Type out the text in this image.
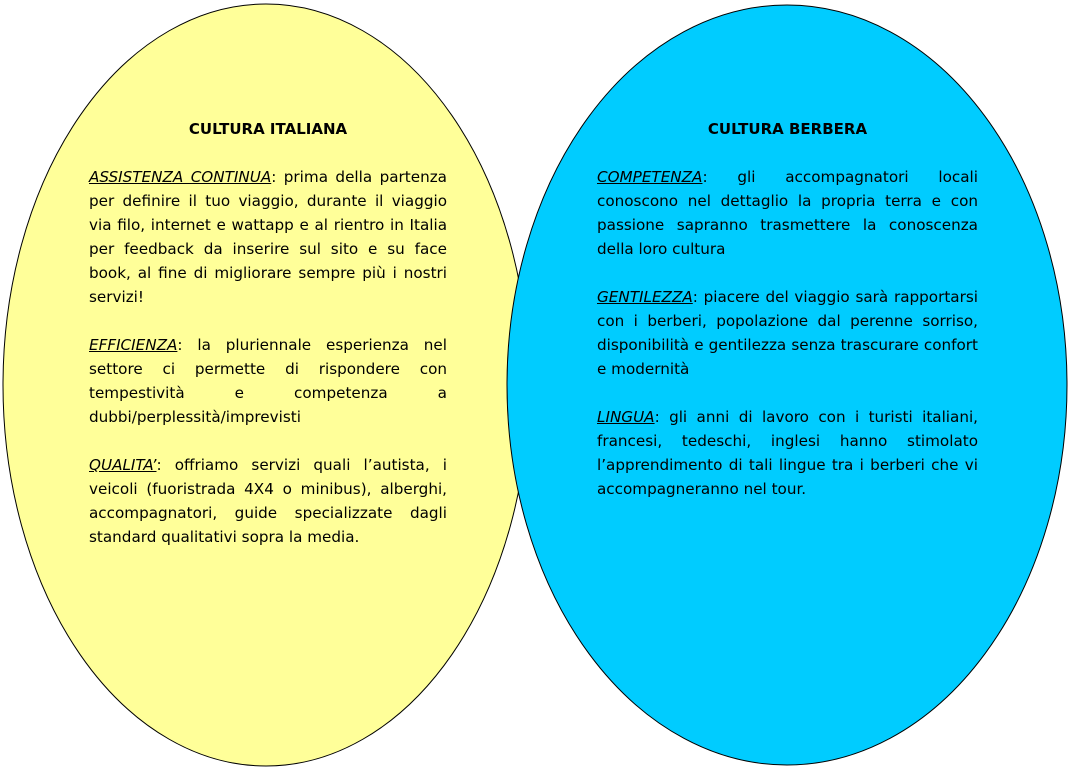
CULTURA ITALIANA
ASSISTENZA CONTINUA: prima della partenza per definire il tuo viaggio, durante il viaggio via filo, internet e wattapp e al rientro in Italia per feedback da inserire sul sito e su face book, al fine di migliorare sempre più i nostri servizi!
EFFICIENZA: la pluriennale esperienza nel settore ci permette di rispondere con tempestività e competenza a dubbi/perplessità/imprevisti
QUALITA’: offriamo servizi quali l’autista, i veicoli (fuoristrada 4X4 o minibus), alberghi, accompagnatori, guide specializzate dagli standard qualitativi sopra la media.
CULTURA BERBERA
COMPETENZA: gli accompagnatori locali conoscono nel dettaglio la propria terra e con passione sapranno trasmettere la conoscenza della loro cultura
GENTILEZZA: piacere del viaggio sarà rapportarsi con i berberi, popolazione dal perenne sorriso, disponibilità e gentilezza senza trascurare confort e modernità
LINGUA: gli anni di lavoro con i turisti italiani, francesi, tedeschi, inglesi hanno stimolato l’apprendimento di tali lingue tra i berberi che vi accompagneranno nel tour.
